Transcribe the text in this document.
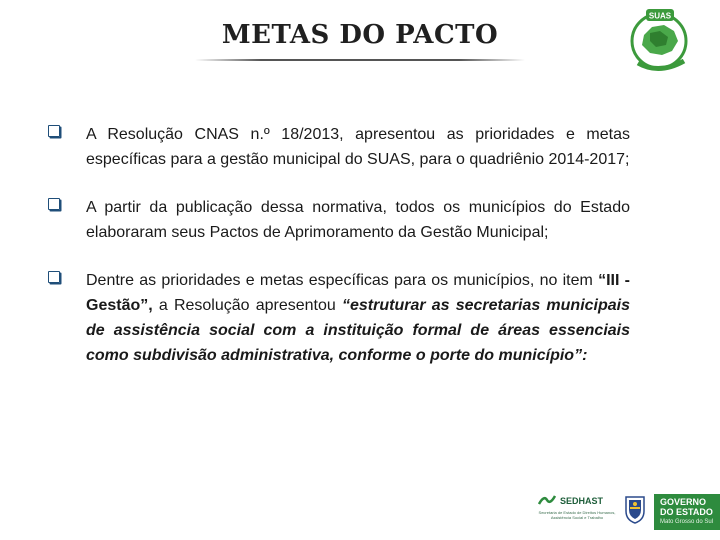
METAS DO PACTO
SUAS

A Resolução CNAS n.º 18/2013, apresentou as prioridades e metas específicas para a gestão municipal do SUAS, para o quadriênio 2014-2017;

A partir da publicação dessa normativa, todos os municípios do Estado elaboraram seus Pactos de Aprimoramento da Gestão Municipal;

Dentre as prioridades e metas específicas para os municípios, no item “III - Gestão”, a Resolução apresentou “estruturar as secretarias municipais de assistência social com a instituição formal de áreas essenciais como subdivisão administrativa, conforme o porte do município”:

SEDHAST
Secretaria de Estado de Direitos Humanos, Assistência Social e Trabalho
GOVERNO
DO ESTADO
Mato Grosso do Sul
